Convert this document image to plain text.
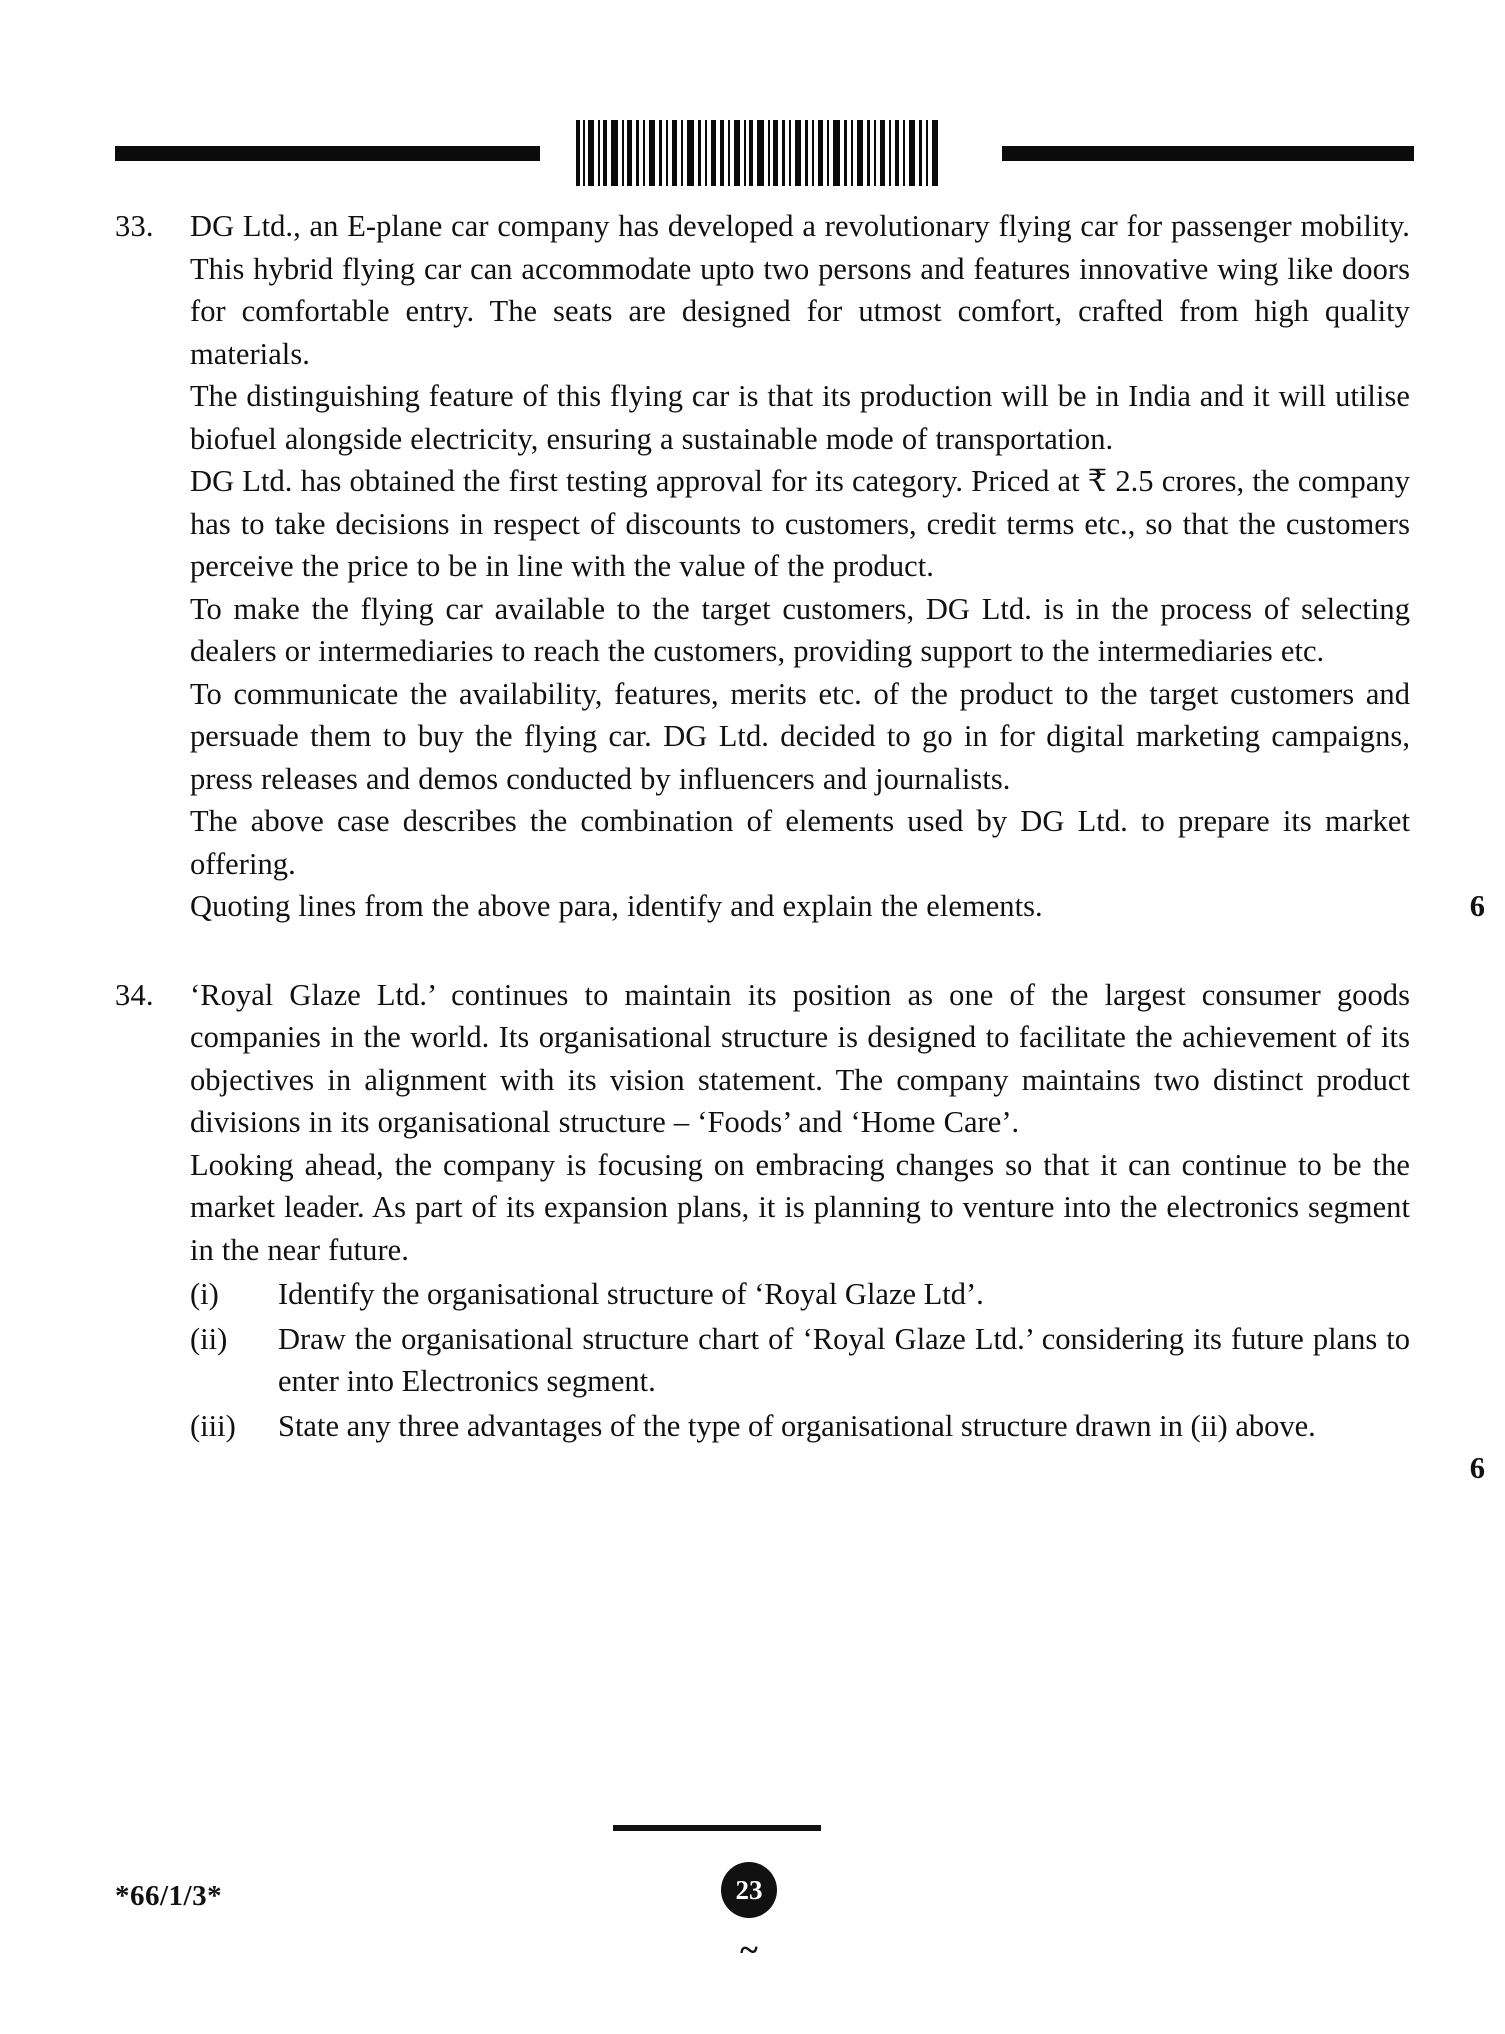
33.	DG Ltd., an E-plane car company has developed a revolutionary flying car for passenger mobility. This hybrid flying car can accommodate upto two persons and features innovative wing like doors for comfortable entry. The seats are designed for utmost comfort, crafted from high quality materials.

The distinguishing feature of this flying car is that its production will be in India and it will utilise biofuel alongside electricity, ensuring a sustainable mode of transportation.

DG Ltd. has obtained the first testing approval for its category. Priced at ₹ 2.5 crores, the company has to take decisions in respect of discounts to customers, credit terms etc., so that the customers perceive the price to be in line with the value of the product.

To make the flying car available to the target customers, DG Ltd. is in the process of selecting dealers or intermediaries to reach the customers, providing support to the intermediaries etc.

To communicate the availability, features, merits etc. of the product to the target customers and persuade them to buy the flying car. DG Ltd. decided to go in for digital marketing campaigns, press releases and demos conducted by influencers and journalists.

The above case describes the combination of elements used by DG Ltd. to prepare its market offering.

Quoting lines from the above para, identify and explain the elements.	6
34.	‘Royal Glaze Ltd.’ continues to maintain its position as one of the largest consumer goods companies in the world. Its organisational structure is designed to facilitate the achievement of its objectives in alignment with its vision statement. The company maintains two distinct product divisions in its organisational structure – ‘Foods’ and ‘Home Care’.

Looking ahead, the company is focusing on embracing changes so that it can continue to be the market leader. As part of its expansion plans, it is planning to venture into the electronics segment in the near future.

(i)	Identify the organisational structure of ‘Royal Glaze Ltd’.
(ii)	Draw the organisational structure chart of ‘Royal Glaze Ltd.’ considering its future plans to enter into Electronics segment.
(iii)	State any three advantages of the type of organisational structure drawn in (ii) above.
6
*66/1/3*	23
~
